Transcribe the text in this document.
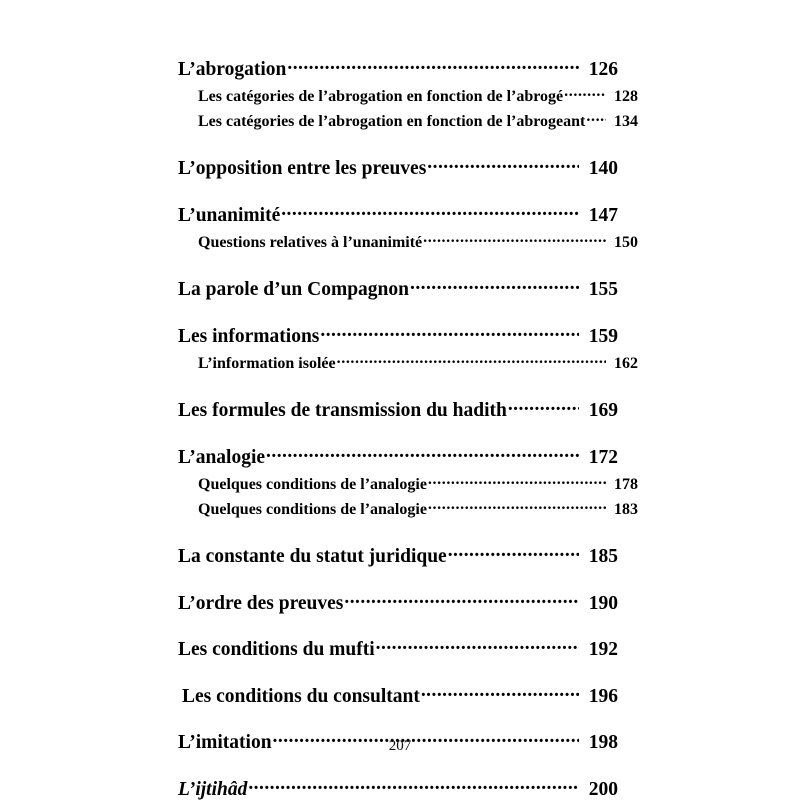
L’abrogation .....	126
Les catégories de l’abrogation en fonction de l’abrogé .....	128
Les catégories de l’abrogation en fonction de l’abrogeant .....	134
L’opposition entre les preuves .....	140
L’unanimité .....	147
Questions relatives à l’unanimité .....	150
La parole d’un Compagnon .....	155
Les informations .....	159
L’information isolée .....	162
Les formules de transmission du hadith .....	169
L’analogie .....	172
Quelques conditions de l’analogie .....	178
Quelques conditions de l’analogie .....	183
La constante du statut juridique .....	185
L’ordre des preuves .....	190
Les conditions du mufti .....	192
Les conditions du consultant .....	196
L’imitation .....	198
L’ijtihâd .....	200
207
